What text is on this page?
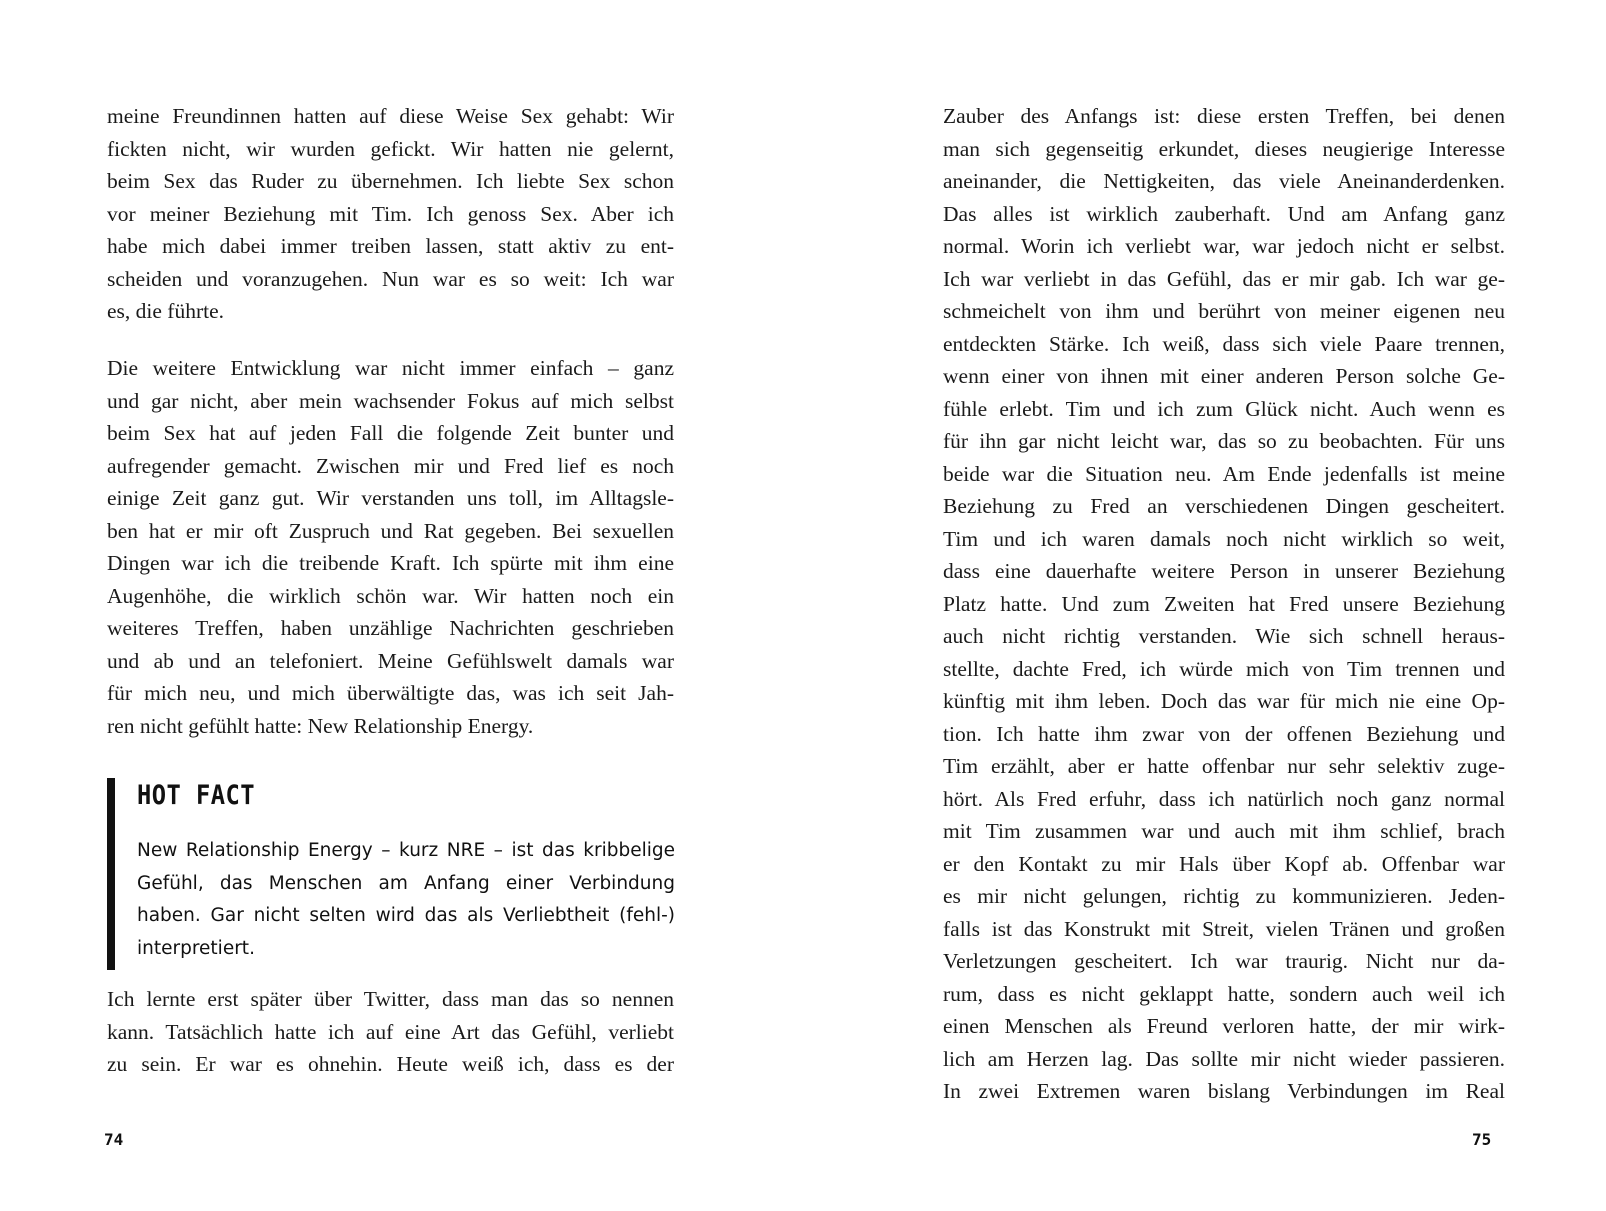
meine Freundinnen hatten auf diese Weise Sex gehabt: Wir
fickten nicht, wir wurden gefickt. Wir hatten nie gelernt,
beim Sex das Ruder zu übernehmen. Ich liebte Sex schon
vor meiner Beziehung mit Tim. Ich genoss Sex. Aber ich
habe mich dabei immer treiben lassen, statt aktiv zu ent-
scheiden und voranzugehen. Nun war es so weit: Ich war
es, die führte.
Die weitere Entwicklung war nicht immer einfach – ganz
und gar nicht, aber mein wachsender Fokus auf mich selbst
beim Sex hat auf jeden Fall die folgende Zeit bunter und
aufregender gemacht. Zwischen mir und Fred lief es noch
einige Zeit ganz gut. Wir verstanden uns toll, im Alltagsle-
ben hat er mir oft Zuspruch und Rat gegeben. Bei sexuellen
Dingen war ich die treibende Kraft. Ich spürte mit ihm eine
Augenhöhe, die wirklich schön war. Wir hatten noch ein
weiteres Treffen, haben unzählige Nachrichten geschrieben
und ab und an telefoniert. Meine Gefühlswelt damals war
für mich neu, und mich überwältigte das, was ich seit Jah-
ren nicht gefühlt hatte: New Relationship Energy.
HOT FACT
New Relationship Energy – kurz NRE – ist das kribbelige
Gefühl, das Menschen am Anfang einer Verbindung
haben. Gar nicht selten wird das als Verliebtheit (fehl-)
interpretiert.
Ich lernte erst später über Twitter, dass man das so nennen
kann. Tatsächlich hatte ich auf eine Art das Gefühl, verliebt
zu sein. Er war es ohnehin. Heute weiß ich, dass es der
74
Zauber des Anfangs ist: diese ersten Treffen, bei denen
man sich gegenseitig erkundet, dieses neugierige Interesse
aneinander, die Nettigkeiten, das viele Aneinanderdenken.
Das alles ist wirklich zauberhaft. Und am Anfang ganz
normal. Worin ich verliebt war, war jedoch nicht er selbst.
Ich war verliebt in das Gefühl, das er mir gab. Ich war ge-
schmeichelt von ihm und berührt von meiner eigenen neu
entdeckten Stärke. Ich weiß, dass sich viele Paare trennen,
wenn einer von ihnen mit einer anderen Person solche Ge-
fühle erlebt. Tim und ich zum Glück nicht. Auch wenn es
für ihn gar nicht leicht war, das so zu beobachten. Für uns
beide war die Situation neu. Am Ende jedenfalls ist meine
Beziehung zu Fred an verschiedenen Dingen gescheitert.
Tim und ich waren damals noch nicht wirklich so weit,
dass eine dauerhafte weitere Person in unserer Beziehung
Platz hatte. Und zum Zweiten hat Fred unsere Beziehung
auch nicht richtig verstanden. Wie sich schnell heraus-
stellte, dachte Fred, ich würde mich von Tim trennen und
künftig mit ihm leben. Doch das war für mich nie eine Op-
tion. Ich hatte ihm zwar von der offenen Beziehung und
Tim erzählt, aber er hatte offenbar nur sehr selektiv zuge-
hört. Als Fred erfuhr, dass ich natürlich noch ganz normal
mit Tim zusammen war und auch mit ihm schlief, brach
er den Kontakt zu mir Hals über Kopf ab. Offenbar war
es mir nicht gelungen, richtig zu kommunizieren. Jeden-
falls ist das Konstrukt mit Streit, vielen Tränen und großen
Verletzungen gescheitert. Ich war traurig. Nicht nur da-
rum, dass es nicht geklappt hatte, sondern auch weil ich
einen Menschen als Freund verloren hatte, der mir wirk-
lich am Herzen lag. Das sollte mir nicht wieder passieren.
In zwei Extremen waren bislang Verbindungen im Real
75
